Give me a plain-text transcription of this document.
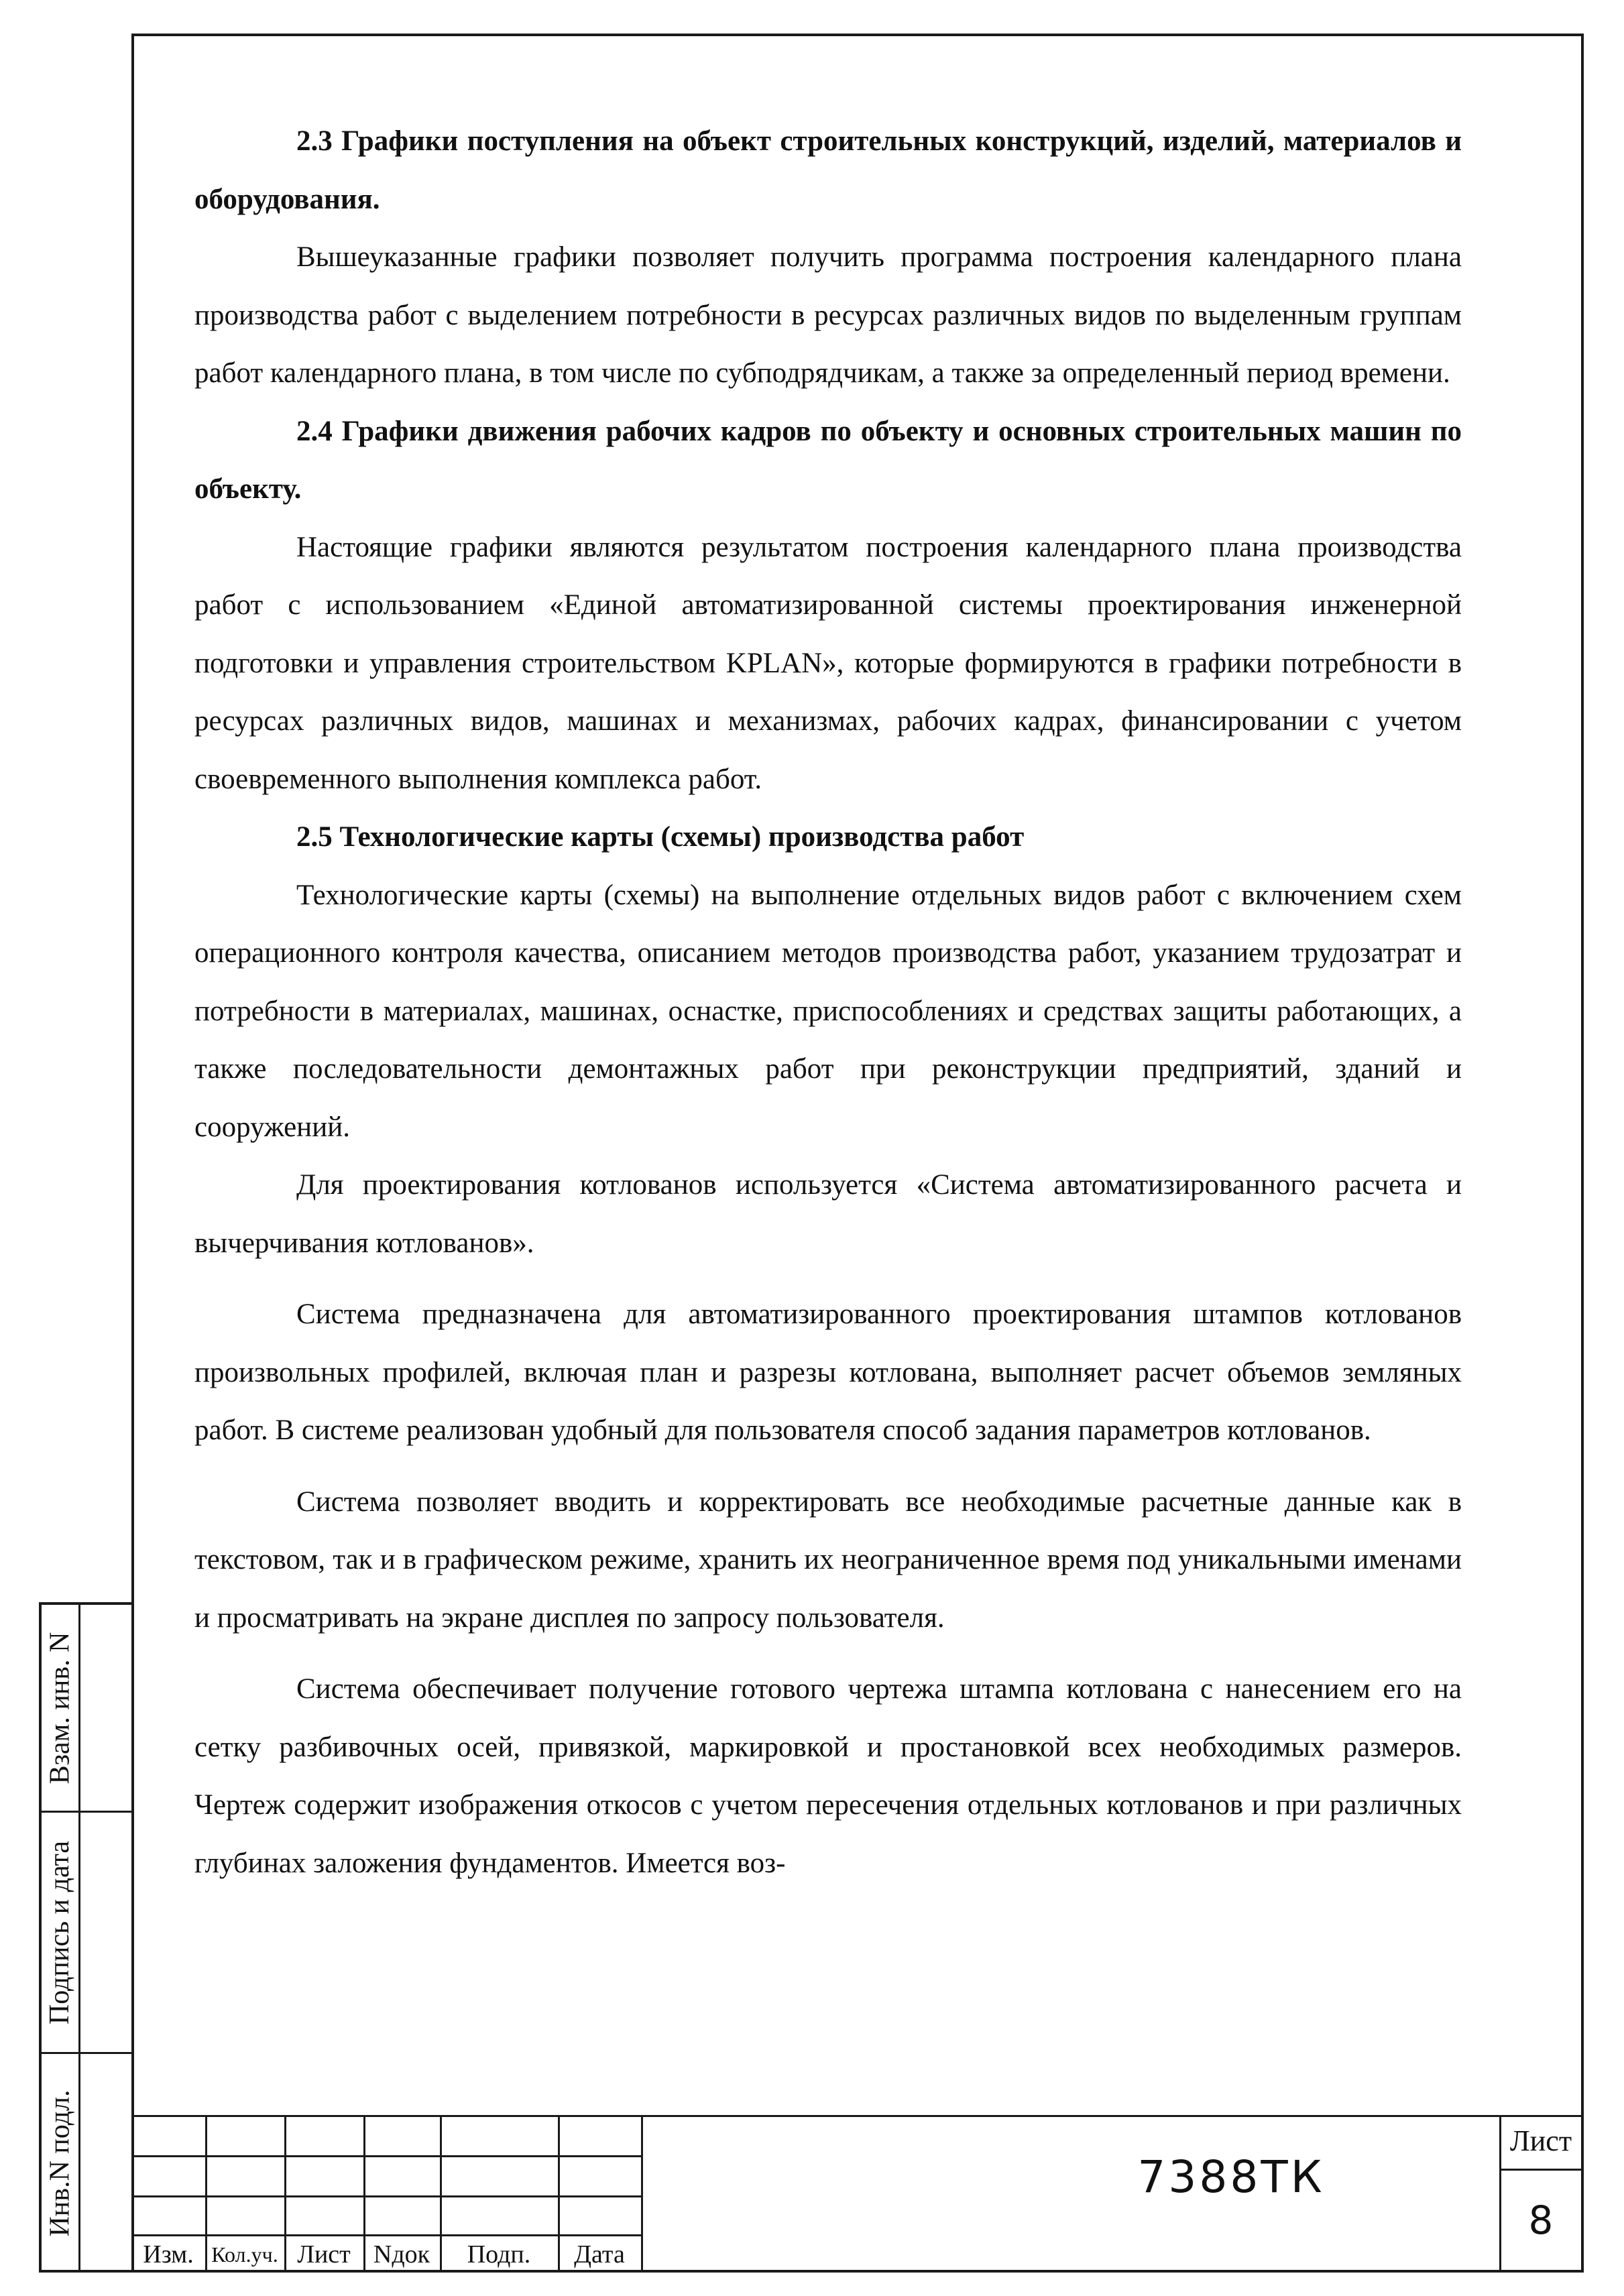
2.3 Графики поступления на объект строительных конструкций, изделий, материалов и оборудования.

Вышеуказанные графики позволяет получить программа построения календарного плана производства работ с выделением потребности в ресурсах различных видов по выделенным группам работ календарного плана, в том числе по субподрядчикам, а также за определенный период времени.

2.4 Графики движения рабочих кадров по объекту и основных строительных машин по объекту.

Настоящие графики являются результатом построения календарного плана производства работ с использованием «Единой автоматизированной системы проектирования инженерной подготовки и управления строительством KPLAN», которые формируются в графики потребности в ресурсах различных видов, машинах и механизмах, рабочих кадрах, финансировании с учетом своевременного выполнения комплекса работ.

2.5 Технологические карты (схемы) производства работ

Технологические карты (схемы) на выполнение отдельных видов работ с включением схем операционного контроля качества, описанием методов производства работ, указанием трудозатрат и потребности в материалах, машинах, оснастке, приспособлениях и средствах защиты работающих, а также последовательности демонтажных работ при реконструкции предприятий, зданий и сооружений.

Для проектирования котлованов используется «Система автоматизированного расчета и вычерчивания котлованов».

Система предназначена для автоматизированного проектирования штампов котлованов произвольных профилей, включая план и разрезы котлована, выполняет расчет объемов земляных работ. В системе реализован удобный для пользователя способ задания параметров котлованов.

Система позволяет вводить и корректировать все необходимые расчетные данные как в текстовом, так и в графическом режиме, хранить их неограниченное время под уникальными именами и просматривать на экране дисплея по запросу пользователя.

Система обеспечивает получение готового чертежа штампа котлована с нанесением его на сетку разбивочных осей, привязкой, маркировкой и простановкой всех необходимых размеров. Чертеж содержит изображения откосов с учетом пересечения отдельных котлованов и при различных глубинах заложения фундаментов. Имеется воз-

Взам. инв. N
Подпись и дата
Инв.N подл.
Изм. Кол.уч. Лист Nдок	Подп.	Дата
7388ТК
Лист
8
